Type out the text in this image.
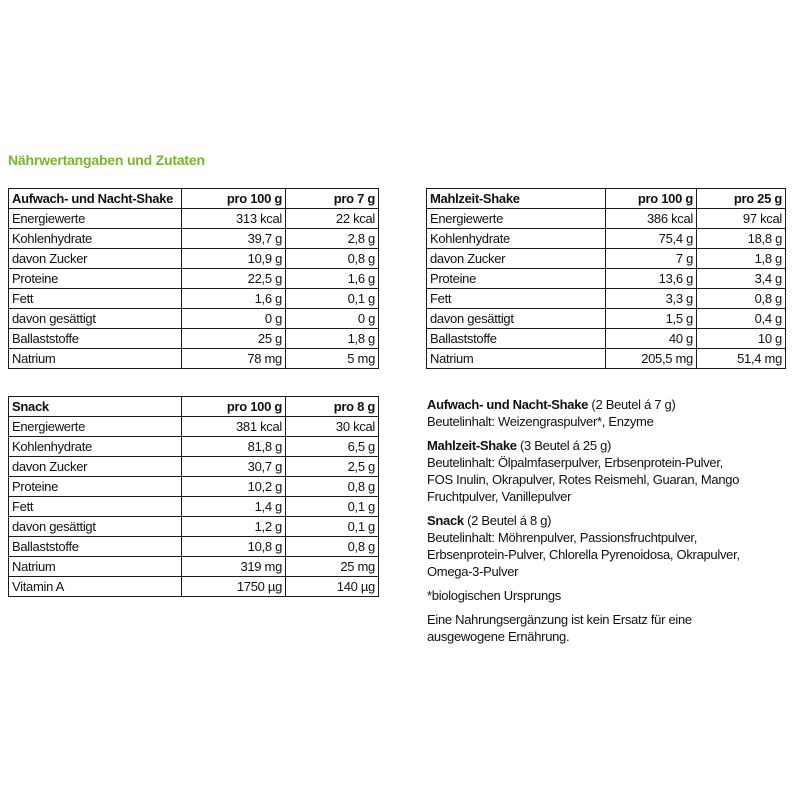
Nährwertangaben und Zutaten
Aufwach- und Nacht-Shake	pro 100 g	pro 7 g
Energiewerte	313 kcal	22 kcal
Kohlenhydrate	39,7 g	2,8 g
davon Zucker	10,9 g	0,8 g
Proteine	22,5 g	1,6 g
Fett	1,6 g	0,1 g
davon gesättigt	0 g	0 g
Ballaststoffe	25 g	1,8 g
Natrium	78 mg	5 mg
Mahlzeit-Shake	pro 100 g	pro 25 g
Energiewerte	386 kcal	97 kcal
Kohlenhydrate	75,4 g	18,8 g
davon Zucker	7 g	1,8 g
Proteine	13,6 g	3,4 g
Fett	3,3 g	0,8 g
davon gesättigt	1,5 g	0,4 g
Ballaststoffe	40 g	10 g
Natrium	205,5 mg	51,4 mg
Snack	pro 100 g	pro 8 g
Energiewerte	381 kcal	30 kcal
Kohlenhydrate	81,8 g	6,5 g
davon Zucker	30,7 g	2,5 g
Proteine	10,2 g	0,8 g
Fett	1,4 g	0,1 g
davon gesättigt	1,2 g	0,1 g
Ballaststoffe	10,8 g	0,8 g
Natrium	319 mg	25 mg
Vitamin A	1750 µg	140 µg

Aufwach- und Nacht-Shake (2 Beutel á 7 g)
Beutelinhalt: Weizengraspulver*, Enzyme

Mahlzeit-Shake (3 Beutel á 25 g)
Beutelinhalt: Ölpalmfaserpulver, Erbsenprotein-Pulver,
FOS Inulin, Okrapulver, Rotes Reismehl, Guaran, Mango
Fruchtpulver, Vanillepulver

Snack (2 Beutel á 8 g)
Beutelinhalt: Möhrenpulver, Passionsfruchtpulver,
Erbsenprotein-Pulver, Chlorella Pyrenoidosa, Okrapulver,
Omega-3-Pulver

*biologischen Ursprungs

Eine Nahrungsergänzung ist kein Ersatz für eine
ausgewogene Ernährung.
